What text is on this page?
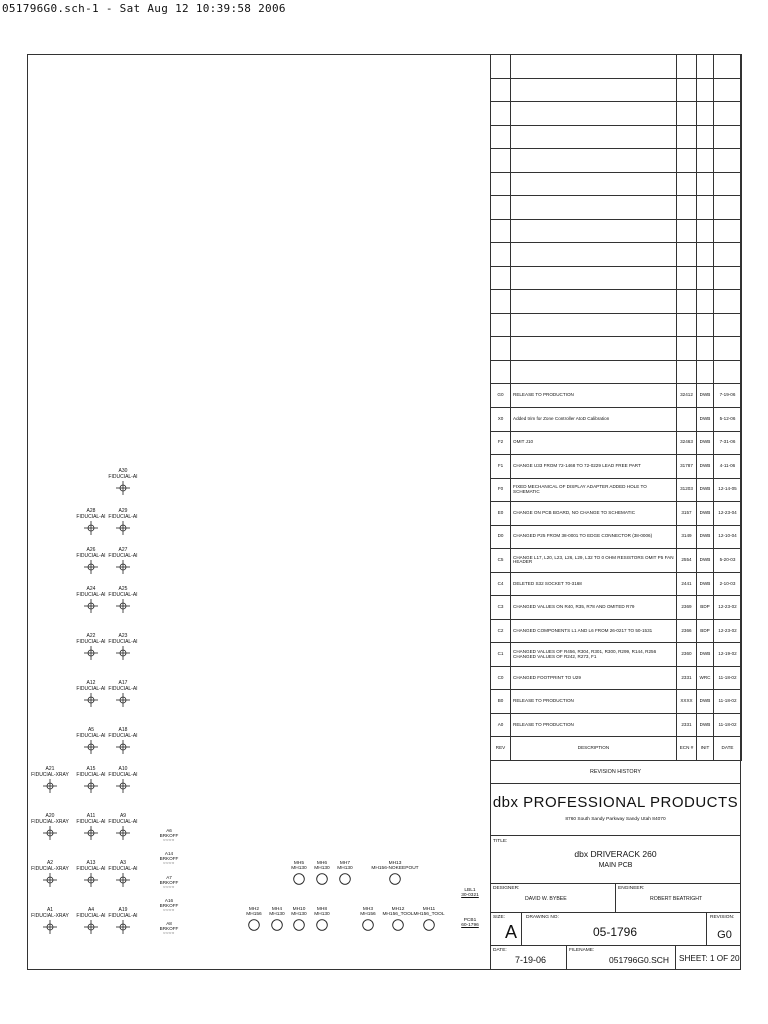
051796G0.sch-1 - Sat Aug 12 10:39:58 2006

G0	RELEASE TO PRODUCTION	32412	DWB	7-19-06
X0	Added trim for Zone Controller AtoD Calibration		DWB	5-12-06
F2	OMIT J10	32463	DWB	7-31-06
F1	CHANGE U33 FROM 72-1468 TO 72-0229 LEAD FREE PART	31787	DWB	4-11-06
F0	FIXED MECHANICAL OF DISPLAY ADAPTER ADDED HOLE TO SCHEMATIC	31203	DWB	12-14-05
E0	CHANGE ON PCB BOARD, NO CHANGE TO SCHEMATIC	3157	DWB	12-23-04
D0	CHANGED P25 FROM 38-0001 TO EDGE CONNECTOR (38-0006)	3149	DWB	12-10-04
C5	CHANGE L17, L20, L23, L26, L29, L32 TO 0 OHM RESISTORS OMIT P5 FAN HEADER	2554	DWB	5-20-03
C4	DELETED S32 SOCKET 70-3168	2441	DWB	2-10-03
C3	CHANGED VALUES ON R40, R35, R78 AND OMITED R79	2369	BDP	12-23-02
C2	CHANGED COMPONENTS L1 AND L6 FROM 26-0217 TO 50-1531	2366	BDP	12-23-02
C1	CHANGED VALUES OF R456, R304, R301, R300, R299, R144, R256 CHANGED VALUES OF R242, R273, F1	2360	DWB	12-19-02
C0	CHANGED FOOTPRINT TO U29	2331	WRC	11-18-02
B0	RELEASE TO PRODUCTION	XXXX	DWB	11-18-02
A0	RELEASE TO PRODUCTION	2331	DWB	11-18-02
REV	DESCRIPTION	ECN #	INIT	DATE
REVISION HISTORY
dbx PROFESSIONAL PRODUCTS
8760 South Sandy Parkway Sandy Utah 84070
TITLE:
dbx DRIVERACK 260
MAIN PCB
DESIGNER:
DAVID W. BYBEE
ENGINEER:
ROBERT BEATRIGHT
SIZE:
A
DRAWING NO:
05-1796
REVISION:
G0
DATE:
7-19-06
FILENAME:
051796G0.SCH SHEET: 1 OF 20
A30
FIDUCIAL-AI
A28
FIDUCIAL-AI
A29
FIDUCIAL-AI
A26
FIDUCIAL-AI
A27
FIDUCIAL-AI
A24
FIDUCIAL-AI
A25
FIDUCIAL-AI
A22
FIDUCIAL-AI
A23
FIDUCIAL-AI
A12
FIDUCIAL-AI
A17
FIDUCIAL-AI
A5
FIDUCIAL-AI
A18
FIDUCIAL-AI
A21
FIDUCIAL-XRAY
A15
FIDUCIAL-AI
A10
FIDUCIAL-AI
A20
FIDUCIAL-XRAY
A11
FIDUCIAL-AI
A9
FIDUCIAL-AI
A2
FIDUCIAL-XRAY
A13
FIDUCIAL-AI
A3
FIDUCIAL-AI
A1
FIDUCIAL-XRAY
A4
FIDUCIAL-AI
A19
FIDUCIAL-AI
A6
BRKOFF
○○○○
A14
BRKOFF
○○○○
A7
BRKOFF
○○○○
A16
BRKOFF
○○○○
A8
BRKOFF
○○○○
MH5
MH130
MH6
MH130
MH7
MH130
MH13
MH156-NOKEEPOUT
MH2
MH156
MH4
MH130
MH10
MH130
MH8
MH130
MH3
MH156
MH12
MH156_TOOL
MH11
MH156_TOOL
LBL1
30-0321
PCB1
60-1796
